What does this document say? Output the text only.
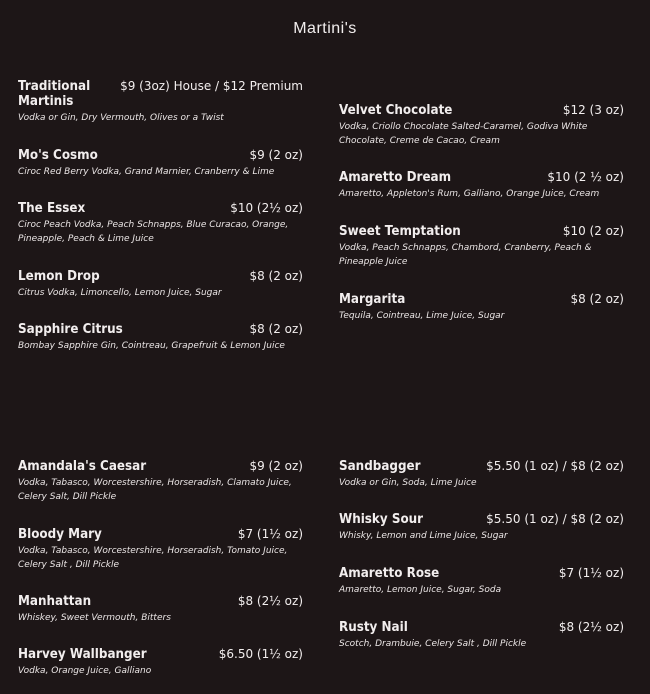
Martini's
Traditional Martinis
$9 (3oz) House / $12 Premium
Vodka or Gin, Dry Vermouth, Olives or a Twist
Mo's Cosmo	$9 (2 oz)
Ciroc Red Berry Vodka, Grand Marnier, Cranberry & Lime
The Essex	$10 (2½ oz)
Ciroc Peach Vodka, Peach Schnapps, Blue Curacao, Orange, Pineapple, Peach & Lime Juice
Lemon Drop	$8 (2 oz)
Citrus Vodka, Limoncello, Lemon Juice, Sugar
Sapphire Citrus	$8 (2 oz)
Bombay Sapphire Gin, Cointreau, Grapefruit & Lemon Juice
Velvet Chocolate	$12 (3 oz)
Vodka, Criollo Chocolate Salted-Caramel, Godiva White Chocolate, Creme de Cacao, Cream
Amaretto Dream	$10 (2 ½ oz)
Amaretto, Appleton's Rum, Galliano, Orange Juice, Cream
Sweet Temptation	$10 (2 oz)
Vodka, Peach Schnapps, Chambord, Cranberry, Peach & Pineapple Juice
Margarita	$8 (2 oz)
Tequila, Cointreau, Lime Juice, Sugar
Amandala's Caesar	$9 (2 oz)
Vodka, Tabasco, Worcestershire, Horseradish, Clamato Juice, Celery Salt, Dill Pickle
Bloody Mary	$7 (1½ oz)
Vodka, Tabasco, Worcestershire, Horseradish, Tomato Juice, Celery Salt , Dill Pickle
Manhattan	$8 (2½ oz)
Whiskey, Sweet Vermouth, Bitters
Harvey Wallbanger	$6.50 (1½ oz)
Vodka, Orange Juice, Galliano
Sandbagger	$5.50 (1 oz) / $8 (2 oz)
Vodka or Gin, Soda, Lime Juice
Whisky Sour	$5.50 (1 oz) / $8 (2 oz)
Whisky, Lemon and Lime Juice, Sugar
Amaretto Rose	$7 (1½ oz)
Amaretto, Lemon Juice, Sugar, Soda
Rusty Nail	$8 (2½ oz)
Scotch, Drambuie, Celery Salt , Dill Pickle
